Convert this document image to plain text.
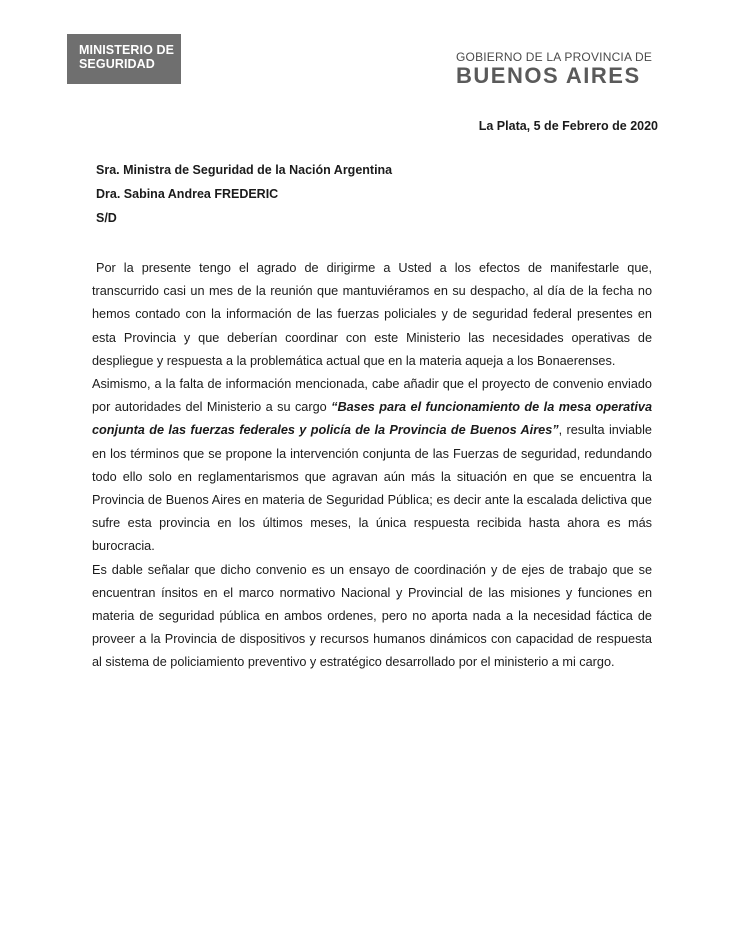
MINISTERIO DE
SEGURIDAD	GOBIERNO DE LA PROVINCIA DE
BUENOS AIRES
La Plata, 5 de Febrero de 2020
Sra. Ministra de Seguridad de la Nación Argentina
Dra. Sabina Andrea FREDERIC
S/D

Por la presente tengo el agrado de dirigirme a Usted a los efectos de manifestarle que, transcurrido casi un mes de la reunión que mantuviéramos en su despacho, al día de la fecha no hemos contado con la información de las fuerzas policiales y de seguridad federal presentes en esta Provincia y que deberían coordinar con este Ministerio las necesidades operativas de despliegue y respuesta a la problemática actual que en la materia aqueja a los Bonaerenses.

Asimismo, a la falta de información mencionada, cabe añadir que el proyecto de convenio enviado por autoridades del Ministerio a su cargo “Bases para el funcionamiento de la mesa operativa conjunta de las fuerzas federales y policía de la Provincia de Buenos Aires”, resulta inviable en los términos que se propone la intervención conjunta de las Fuerzas de seguridad, redundando todo ello solo en reglamentarismos que agravan aún más la situación en que se encuentra la Provincia de Buenos Aires en materia de Seguridad Pública; es decir ante la escalada delictiva que sufre esta provincia en los últimos meses, la única respuesta recibida hasta ahora es más burocracia.

Es dable señalar que dicho convenio es un ensayo de coordinación y de ejes de trabajo que se encuentran ínsitos en el marco normativo Nacional y Provincial de las misiones y funciones en materia de seguridad pública en ambos ordenes, pero no aporta nada a la necesidad fáctica de proveer a la Provincia de dispositivos y recursos humanos dinámicos con capacidad de respuesta al sistema de policiamiento preventivo y estratégico desarrollado por el ministerio a mi cargo.
